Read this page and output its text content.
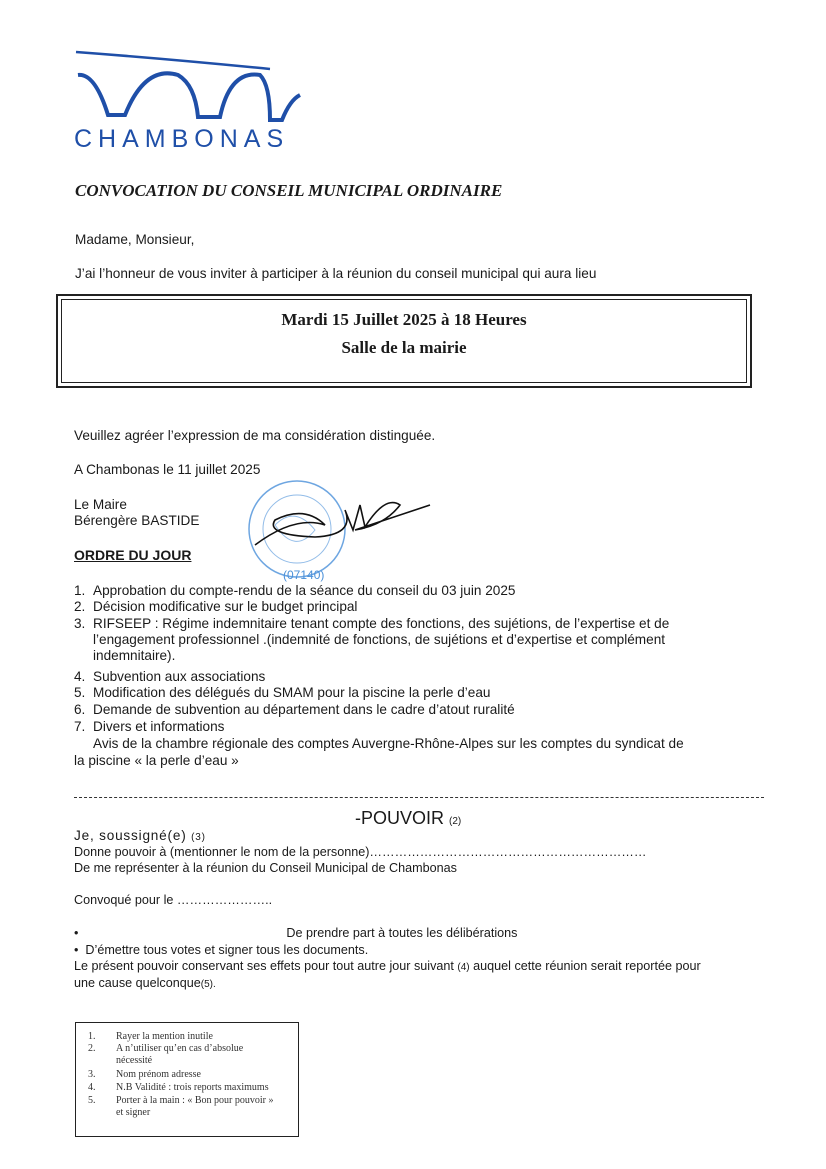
CHAMBONAS
CONVOCATION DU CONSEIL MUNICIPAL ORDINAIRE
Madame, Monsieur,
J’ai l’honneur de vous inviter à participer à la réunion du conseil municipal qui aura lieu
Mardi 15 Juillet 2025 à 18 Heures
Salle de la mairie
Veuillez agréer l’expression de ma considération distinguée.
A Chambonas le 11 juillet 2025
Le Maire
Bérengère BASTIDE
(07140)
ORDRE DU JOUR
1. Approbation du compte-rendu de la séance du conseil du 03 juin 2025
2. Décision modificative sur le budget principal
3. RIFSEEP : Régime indemnitaire tenant compte des fonctions, des sujétions, de l’expertise et de
l’engagement professionnel .(indemnité de fonctions, de sujétions et d’expertise et complément
indemnitaire).
4. Subvention aux associations
5. Modification des délégués du SMAM pour la piscine la perle d’eau
6. Demande de subvention au département dans le cadre d’atout ruralité
7. Divers et informations
Avis de la chambre régionale des comptes Auvergne-Rhône-Alpes sur les comptes du syndicat de
la piscine « la perle d’eau »
-POUVOIR (2)
Je, soussigné(e) (3)
Donne pouvoir à (mentionner le nom de la personne)…………………………………………………………
De me représenter à la réunion du Conseil Municipal de Chambonas
Convoqué pour le …………………..
•	De prendre part à toutes les délibérations
•  D’émettre tous votes et signer tous les documents.
Le présent pouvoir conservant ses effets pour tout autre jour suivant (4) auquel cette réunion serait reportée pour
une cause quelconque(5).
1. Rayer la mention inutile
2. A n’utiliser qu’en cas d’absolue
nécessité
3. Nom prénom adresse
4. N.B Validité : trois reports maximums
5. Porter à la main : « Bon pour pouvoir »
et signer
